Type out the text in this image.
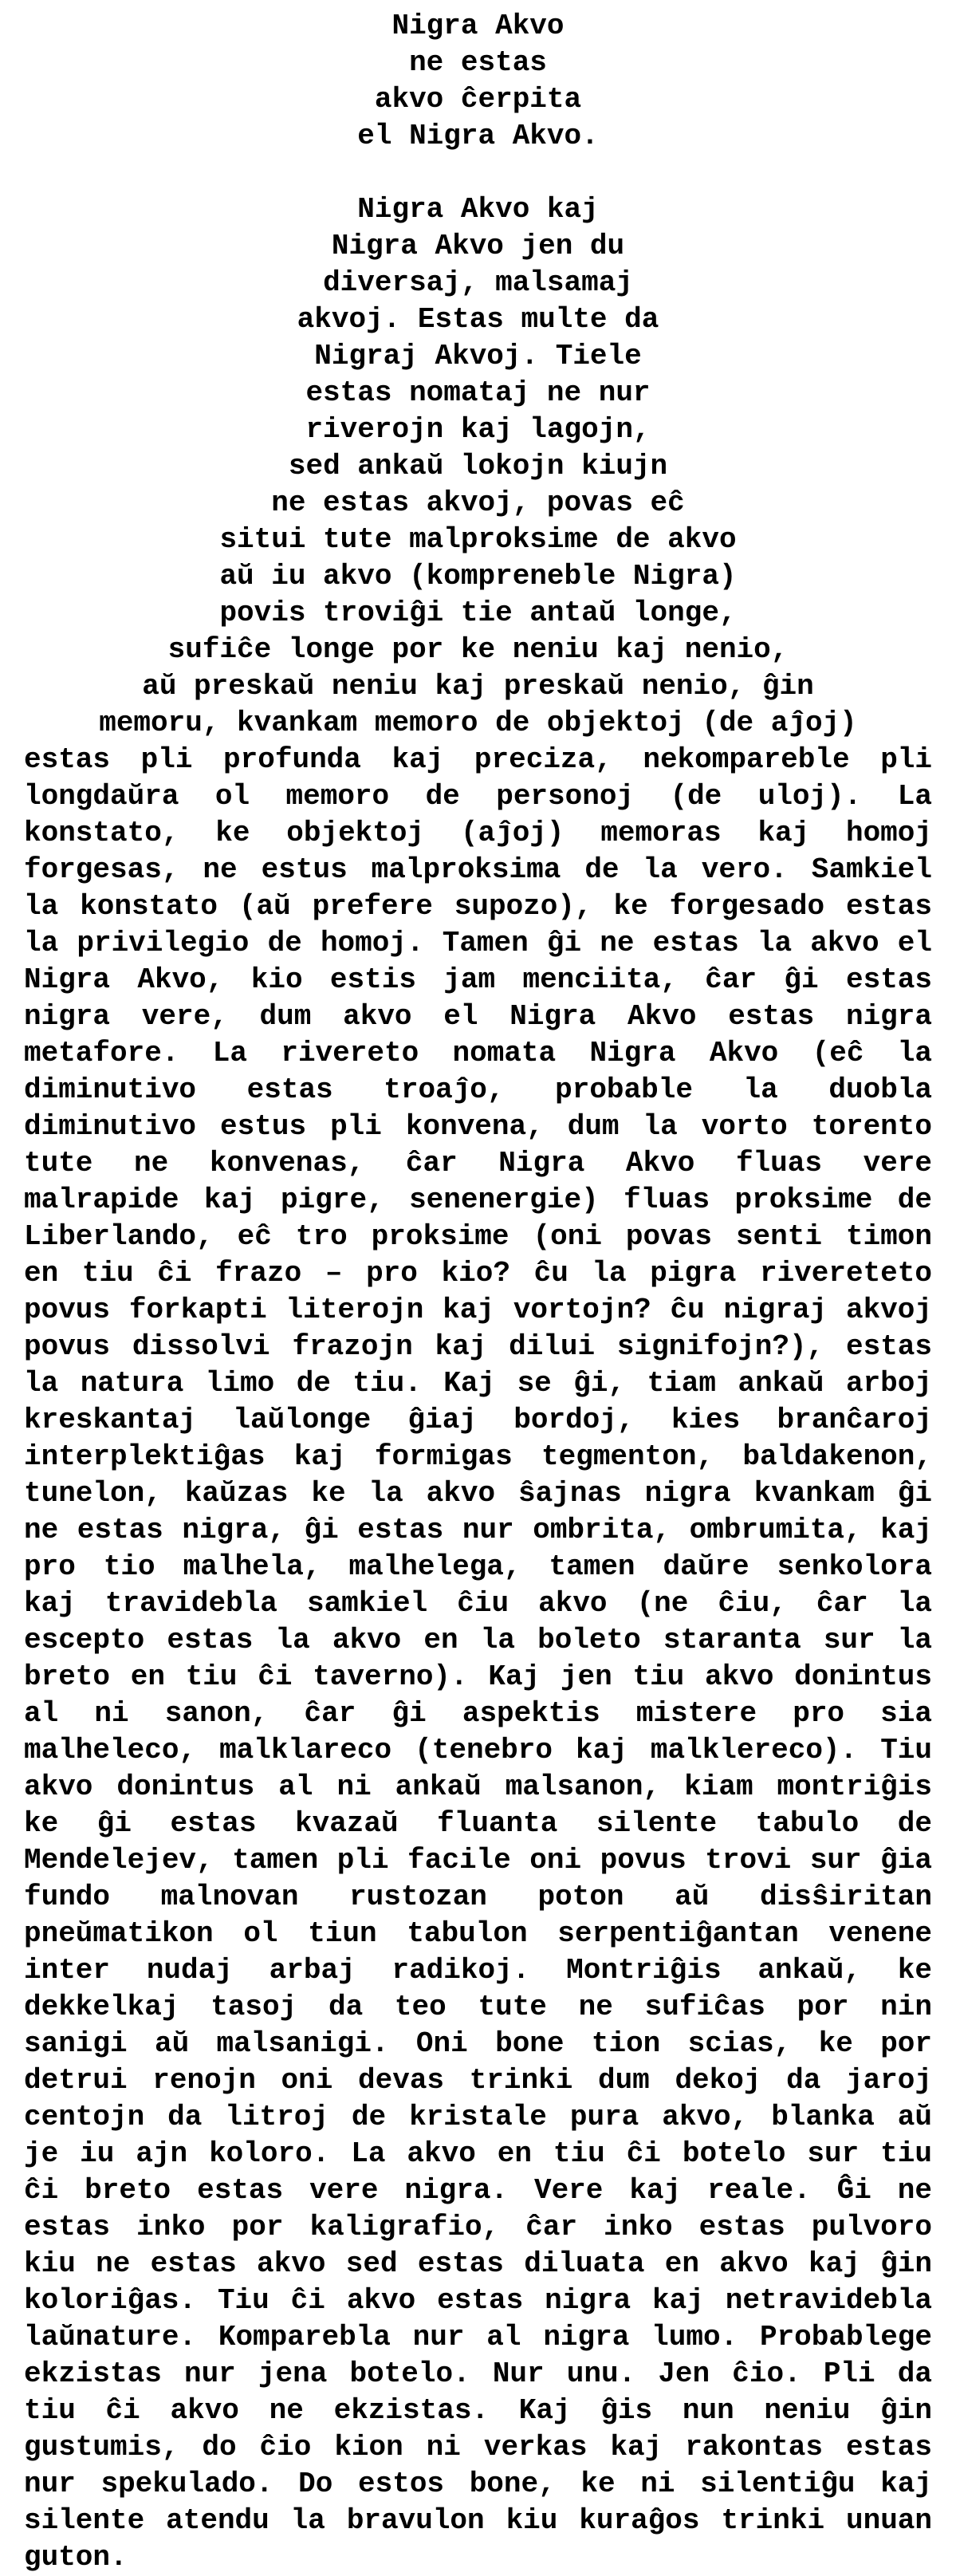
Nigra Akvo
ne estas
akvo ĉerpita
el Nigra Akvo.
Nigra Akvo kaj
Nigra Akvo jen du
diversaj, malsamaj
akvoj. Estas multe da
Nigraj Akvoj. Tiele
estas nomataj ne nur
riverojn kaj lagojn,
sed ankaŭ lokojn kiujn
ne estas akvoj, povas eĉ
situi tute malproksime de akvo
aŭ iu akvo (kompreneble Nigra)
povis troviĝi tie antaŭ longe,
sufiĉe longe por ke neniu kaj nenio,
aŭ preskaŭ neniu kaj preskaŭ nenio, ĝin
memoru, kvankam memoro de objektoj (de aĵoj)
estas pli profunda kaj preciza, nekompareble pli longdaŭra ol memoro de personoj (de uloj). La konstato, ke objektoj (aĵoj) memoras kaj homoj forgesas, ne estus malproksima de la vero. Samkiel la konstato (aŭ prefere supozo), ke forgesado estas la privilegio de homoj. Tamen ĝi ne estas la akvo el Nigra Akvo, kio estis jam menciita, ĉar ĝi estas nigra vere, dum akvo el Nigra Akvo estas nigra metafore. La rivereto nomata Nigra Akvo (eĉ la diminutivo estas troaĵo, probable la duobla diminutivo estus pli konvena, dum la vorto torento tute ne konvenas, ĉar Nigra Akvo fluas vere malrapide kaj pigre, senenergie) fluas proksime de Liberlando, eĉ tro proksime (oni povas senti timon en tiu ĉi frazo – pro kio? ĉu la pigra rivereteto povus forkapti literojn kaj vortojn? ĉu nigraj akvoj povus dissolvi frazojn kaj dilui signifojn?), estas la natura limo de tiu. Kaj se ĝi, tiam ankaŭ arboj kreskantaj laŭlonge ĝiaj bordoj, kies branĉaroj interplektiĝas kaj formigas tegmenton, baldakenon, tunelon, kaŭzas ke la akvo ŝajnas nigra kvankam ĝi ne estas nigra, ĝi estas nur ombrita, ombrumita, kaj pro tio malhela, malhelega, tamen daŭre senkolora kaj travidebla samkiel ĉiu akvo (ne ĉiu, ĉar la escepto estas la akvo en la boleto staranta sur la breto en tiu ĉi taverno). Kaj jen tiu akvo donintus al ni sanon, ĉar ĝi aspektis mistere pro sia malheleco, malklareco (tenebro kaj malklereco). Tiu akvo donintus al ni ankaŭ malsanon, kiam montriĝis ke ĝi estas kvazaŭ fluanta silente tabulo de Mendelejev, tamen pli facile oni povus trovi sur ĝia fundo malnovan rustozan poton aŭ disŝiritan pneŭmatikon ol tiun tabulon serpentiĝantan venene inter nudaj arbaj radikoj. Montriĝis ankaŭ, ke dekkelkaj tasoj da teo tute ne sufiĉas por nin sanigi aŭ malsanigi. Oni bone tion scias, ke por detrui renojn oni devas trinki dum dekoj da jaroj centojn da litroj de kristale pura akvo, blanka aŭ je iu ajn koloro. La akvo en tiu ĉi botelo sur tiu ĉi breto estas vere nigra. Vere kaj reale. Ĝi ne estas inko por kaligrafio, ĉar inko estas pulvoro kiu ne estas akvo sed estas diluata en akvo kaj ĝin koloriĝas. Tiu ĉi akvo estas nigra kaj netravidebla laŭnature. Komparebla nur al nigra lumo. Probablege ekzistas nur jena botelo. Nur unu. Jen ĉio. Pli da tiu ĉi akvo ne ekzistas. Kaj ĝis nun neniu ĝin gustumis, do ĉio kion ni verkas kaj rakontas estas nur spekulado. Do estos bone, ke ni silentiĝu kaj silente atendu la bravulon kiu kuraĝos trinki unuan guton.
